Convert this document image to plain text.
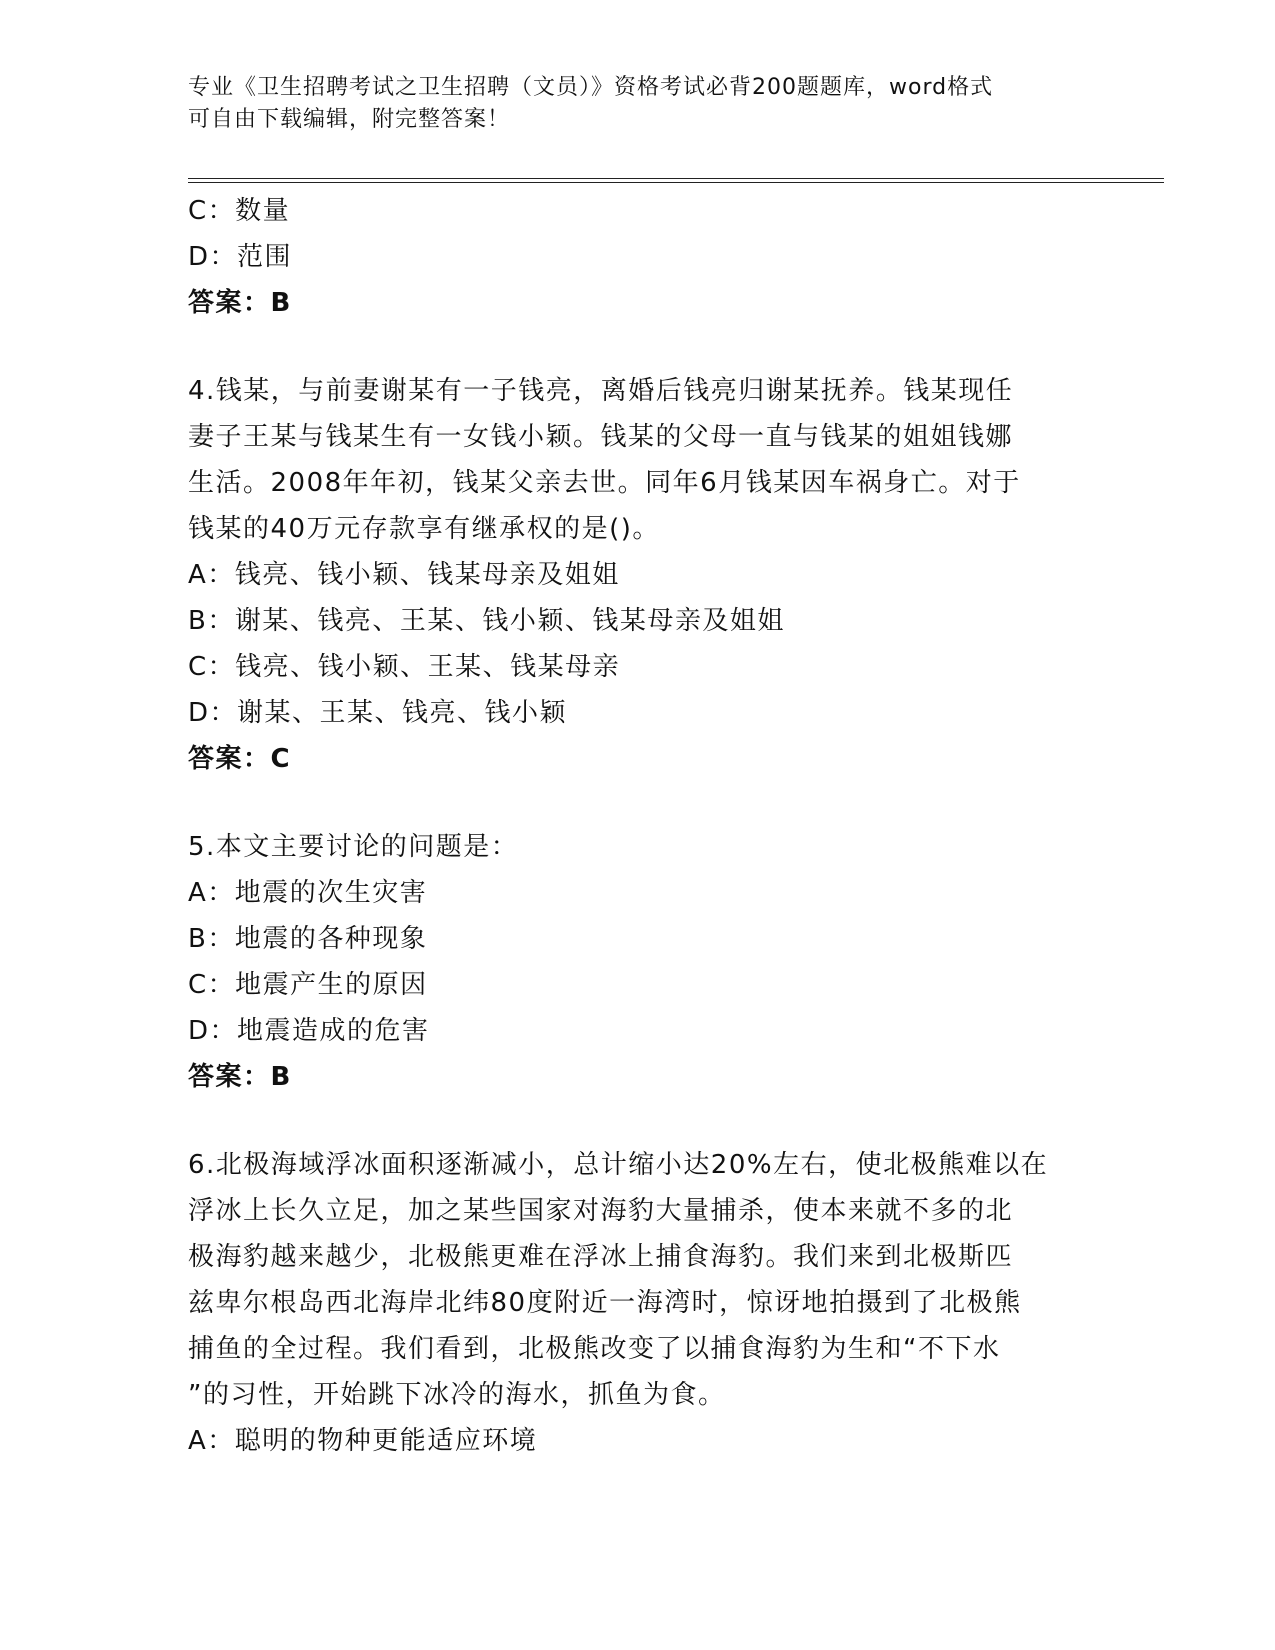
专业《卫生招聘考试之卫生招聘（文员）》资格考试必背200题题库，word格式
可自由下载编辑，附完整答案！
C：数量
D：范围
答案：B
4.钱某，与前妻谢某有一子钱亮，离婚后钱亮归谢某抚养。钱某现任
妻子王某与钱某生有一女钱小颖。钱某的父母一直与钱某的姐姐钱娜
生活。2008年年初，钱某父亲去世。同年6月钱某因车祸身亡。对于
钱某的40万元存款享有继承权的是()。
A：钱亮、钱小颖、钱某母亲及姐姐
B：谢某、钱亮、王某、钱小颖、钱某母亲及姐姐
C：钱亮、钱小颖、王某、钱某母亲
D：谢某、王某、钱亮、钱小颖
答案：C
5.本文主要讨论的问题是：
A：地震的次生灾害
B：地震的各种现象
C：地震产生的原因
D：地震造成的危害
答案：B
6.北极海域浮冰面积逐渐减小，总计缩小达20%左右，使北极熊难以在
浮冰上长久立足，加之某些国家对海豹大量捕杀，使本来就不多的北
极海豹越来越少，北极熊更难在浮冰上捕食海豹。我们来到北极斯匹
兹卑尔根岛西北海岸北纬80度附近一海湾时，惊讶地拍摄到了北极熊
捕鱼的全过程。我们看到，北极熊改变了以捕食海豹为生和“不下水
”的习性，开始跳下冰冷的海水，抓鱼为食。
A：聪明的物种更能适应环境
